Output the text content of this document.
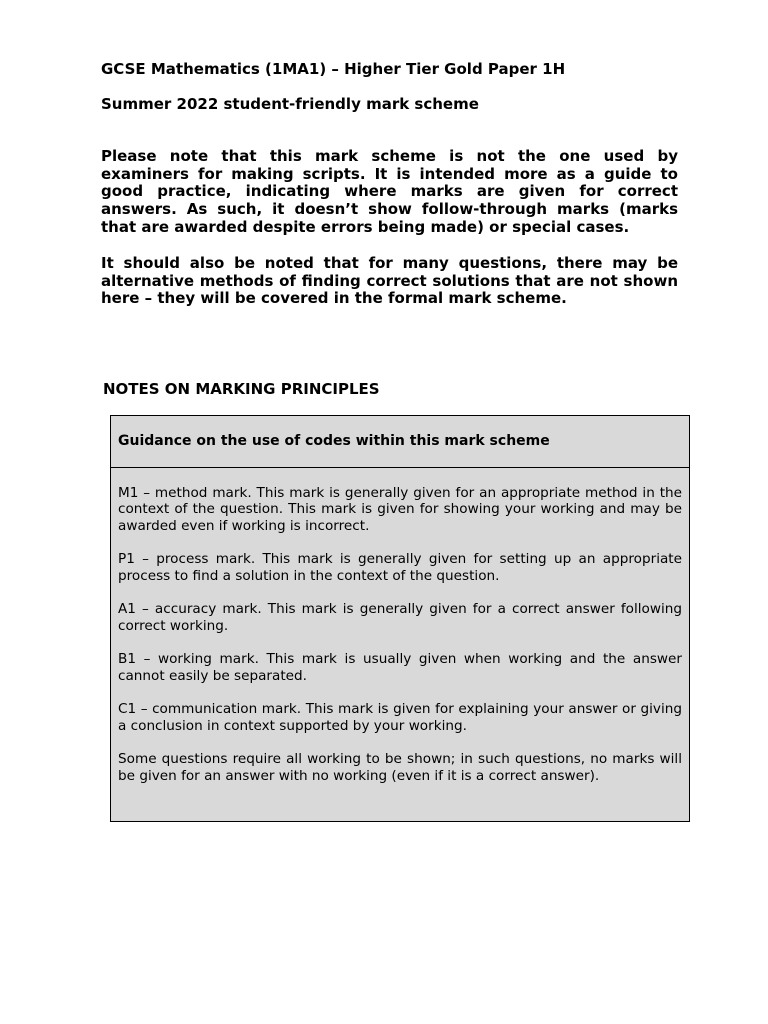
GCSE Mathematics (1MA1) – Higher Tier Gold Paper 1H
Summer 2022 student-friendly mark scheme
Please note that this mark scheme is not the one used by examiners for making scripts. It is intended more as a guide to good practice, indicating where marks are given for correct answers. As such, it doesn’t show follow-through marks (marks that are awarded despite errors being made) or special cases.
It should also be noted that for many questions, there may be alternative methods of finding correct solutions that are not shown here – they will be covered in the formal mark scheme.
NOTES ON MARKING PRINCIPLES
Guidance on the use of codes within this mark scheme

M1 – method mark. This mark is generally given for an appropriate method in the context of the question. This mark is given for showing your working and may be awarded even if working is incorrect.

P1 – process mark. This mark is generally given for setting up an appropriate process to find a solution in the context of the question.

A1 – accuracy mark. This mark is generally given for a correct answer following correct working.

B1 – working mark. This mark is usually given when working and the answer cannot easily be separated.

C1 – communication mark. This mark is given for explaining your answer or giving a conclusion in context supported by your working.

Some questions require all working to be shown; in such questions, no marks will be given for an answer with no working (even if it is a correct answer).
